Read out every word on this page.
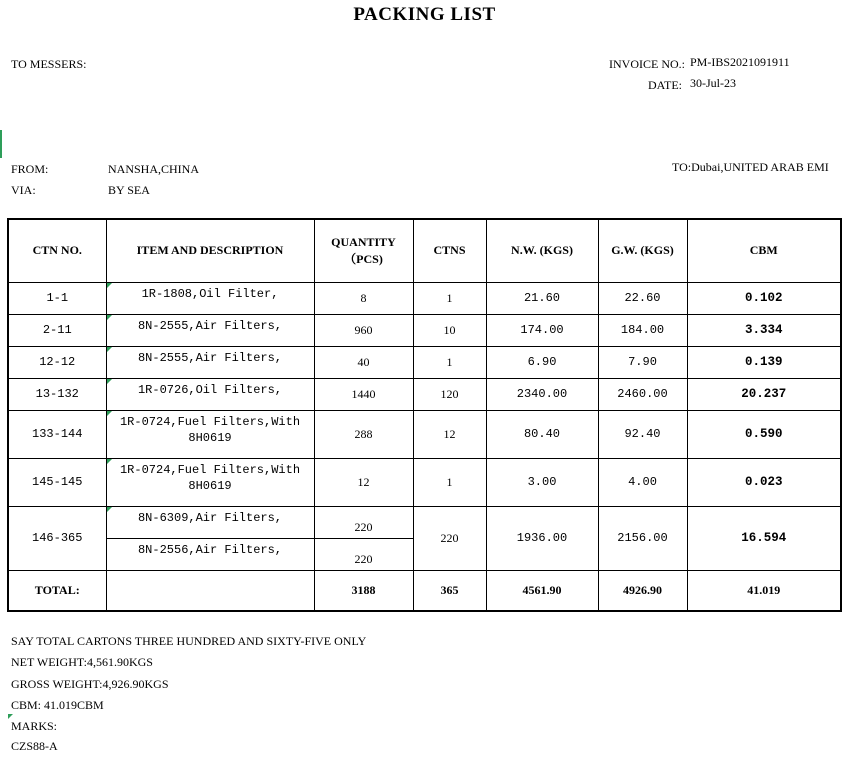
PACKING LIST
TO MESSERS:	INVOICE NO.: PM-IBS2021091911
DATE: 30-Jul-23
FROM:	NANSHA,CHINA
VIA:	BY SEA
TO:Dubai,UNITED ARAB EMI
CTN NO.	ITEM AND DESCRIPTION	QUANTITY
（PCS)	CTNS	N.W. (KGS)	G.W. (KGS)	CBM
1-1	1R-1808,Oil Filter,	8	1	21.60	22.60	0.102
2-11	8N-2555,Air Filters,	960	10	174.00	184.00	3.334
12-12	8N-2555,Air Filters,	40	1	6.90	7.90	0.139
13-132	1R-0726,Oil Filters,	1440	120	2340.00	2460.00	20.237
133-144	1R-0724,Fuel Filters,With
8H0619	288	12	80.40	92.40	0.590
145-145	1R-0724,Fuel Filters,With
8H0619	12	1	3.00	4.00	0.023
146-365	8N-6309,Air Filters,	220	220	1936.00	2156.00	16.594

	8N-2556,Air Filters,	220				
TOTAL:		3188	365	4561.90	4926.90	41.019
SAY TOTAL CARTONS THREE HUNDRED AND SIXTY-FIVE ONLY
NET WEIGHT:4,561.90KGS
GROSS WEIGHT:4,926.90KGS
CBM: 41.019CBM
MARKS:
CZS88-A
